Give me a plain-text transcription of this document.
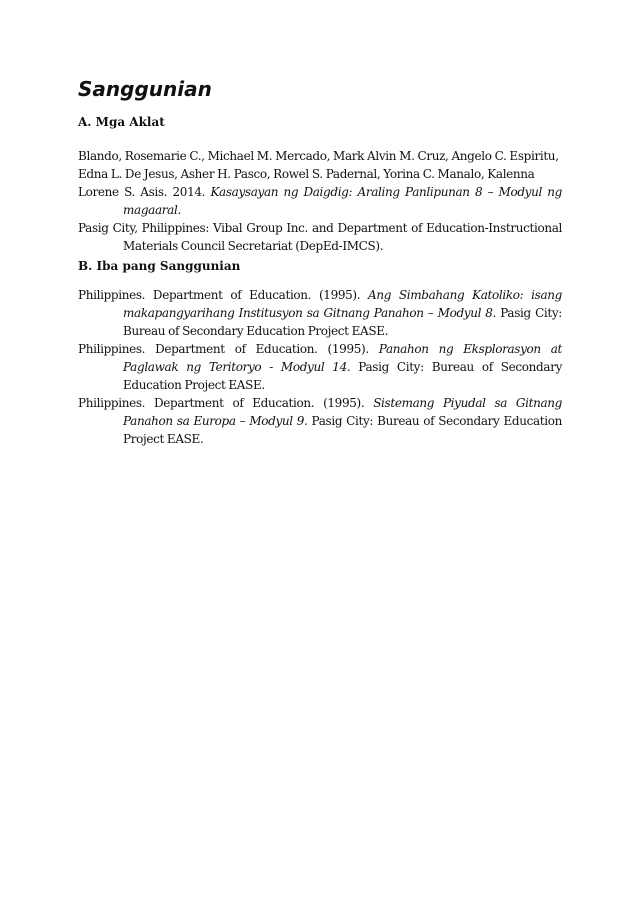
Sanggunian
A. Mga Aklat

Blando, Rosemarie C., Michael M. Mercado, Mark Alvin M. Cruz, Angelo C. Espiritu,

Edna L. De Jesus, Asher H. Pasco, Rowel S. Padernal, Yorina C. Manalo, Kalenna

Lorene S. Asis. 2014. Kasaysayan ng Daigdig: Araling Panlipunan 8 – Modyul ng magaaral.

Pasig City, Philippines: Vibal Group Inc. and Department of Education-Instructional Materials Council Secretariat (DepEd-IMCS).

B. Iba pang Sanggunian

Philippines. Department of Education. (1995). Ang Simbahang Katoliko: isang makapangyarihang Institusyon sa Gitnang Panahon – Modyul 8. Pasig City: Bureau of Secondary Education Project EASE.

Philippines. Department of Education. (1995). Panahon ng Eksplorasyon at Paglawak ng Teritoryo - Modyul 14. Pasig City: Bureau of Secondary Education Project EASE.

Philippines. Department of Education. (1995). Sistemang Piyudal sa Gitnang Panahon sa Europa – Modyul 9. Pasig City: Bureau of Secondary Education Project EASE.
